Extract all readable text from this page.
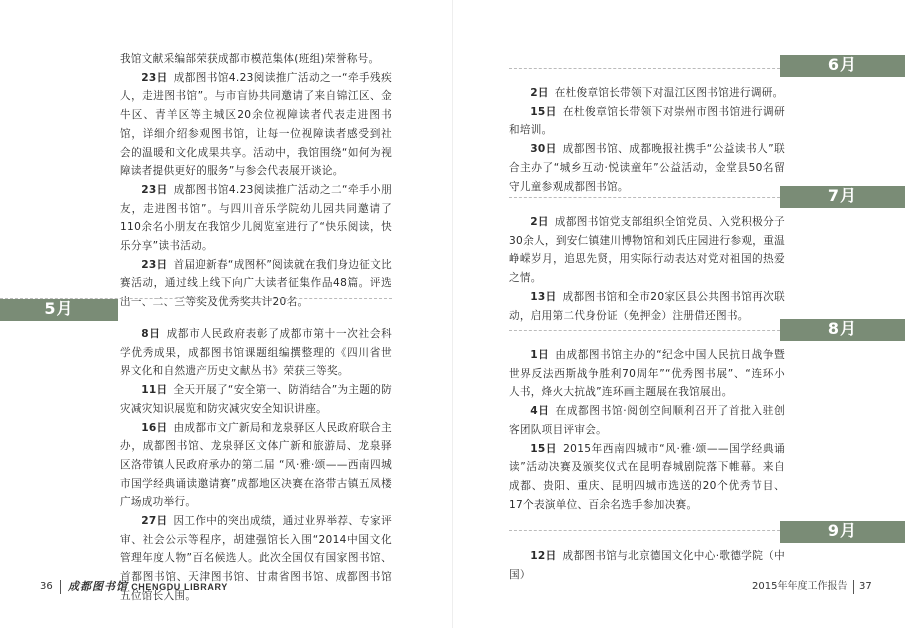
我馆文献采编部荣获成都市模范集体(班组)荣誉称号。

23日 成都图书馆4.23阅读推广活动之一“牵手残疾人，走进图书馆”。与市盲协共同邀请了来自锦江区、金牛区、青羊区等主城区20余位视障读者代表走进图书馆，详细介绍参观图书馆，让每一位视障读者感受到社会的温暖和文化成果共享。活动中，我馆围绕“如何为视障读者提供更好的服务”与参会代表展开谈论。

23日 成都图书馆4.23阅读推广活动之二“牵手小朋友，走进图书馆”。与四川音乐学院幼儿园共同邀请了110余名小朋友在我馆少儿阅览室进行了“快乐阅读，快乐分享”读书活动。

23日 首届迎新春“成图杯”阅读就在我们身边征文比赛活动，通过线上线下向广大读者征集作品48篇。评选出一、二、三等奖及优秀奖共计20名。

5月

8日 成都市人民政府表彰了成都市第十一次社会科学优秀成果，成都图书馆课题组编撰整理的《四川省世界文化和自然遗产历史文献丛书》荣获三等奖。

11日 全天开展了“安全第一、防消结合”为主题的防灾减灾知识展览和防灾减灾安全知识讲座。

16日 由成都市文广新局和龙泉驿区人民政府联合主办，成都图书馆、龙泉驿区文体广新和旅游局、龙泉驿区洛带镇人民政府承办的第二届 “风·雅·颂——西南四城市国学经典诵读邀请赛”成都地区决赛在洛带古镇五凤楼广场成功举行。

27日 因工作中的突出成绩，通过业界举荐、专家评审、社会公示等程序，胡建强馆长入围“2014中国文化管理年度人物”百名候选人。此次全国仅有国家图书馆、首都图书馆、天津图书馆、甘肃省图书馆、成都图书馆五位馆长入围。

36 成都图书馆 CHENGDU LIBRARY
6月

2日 在杜俊章馆长带领下对温江区图书馆进行调研。

15日 在杜俊章馆长带领下对崇州市图书馆进行调研和培训。

30日 成都图书馆、成都晚报社携手“公益读书人”联合主办了“城乡互动·悦读童年”公益活动，金堂县50名留守儿童参观成都图书馆。	7月

2日 成都图书馆党支部组织全馆党员、入党积极分子30余人，到安仁镇建川博物馆和刘氏庄园进行参观，重温峥嵘岁月，追思先贤，用实际行动表达对党对祖国的热爱之情。

13日 成都图书馆和全市20家区县公共图书馆再次联动，启用第二代身份证（免押金）注册借还图书。

8月

1日 由成都图书馆主办的“纪念中国人民抗日战争暨世界反法西斯战争胜利70周年”“优秀图书展”、“连环小人书，烽火大抗战”连环画主题展在我馆展出。

4日 在成都图书馆·阅创空间顺利召开了首批入驻创客团队项目评审会。

15日 2015年西南四城市“风·雅·颂——国学经典诵读”活动决赛及颁奖仪式在昆明春城剧院落下帷幕。来自成都、贵阳、重庆、昆明四城市选送的20个优秀节目、17个表演单位、百余名选手参加决赛。

9月

12日 成都图书馆与北京德国文化中心·歌德学院（中国）

2015年年度工作报告 37
